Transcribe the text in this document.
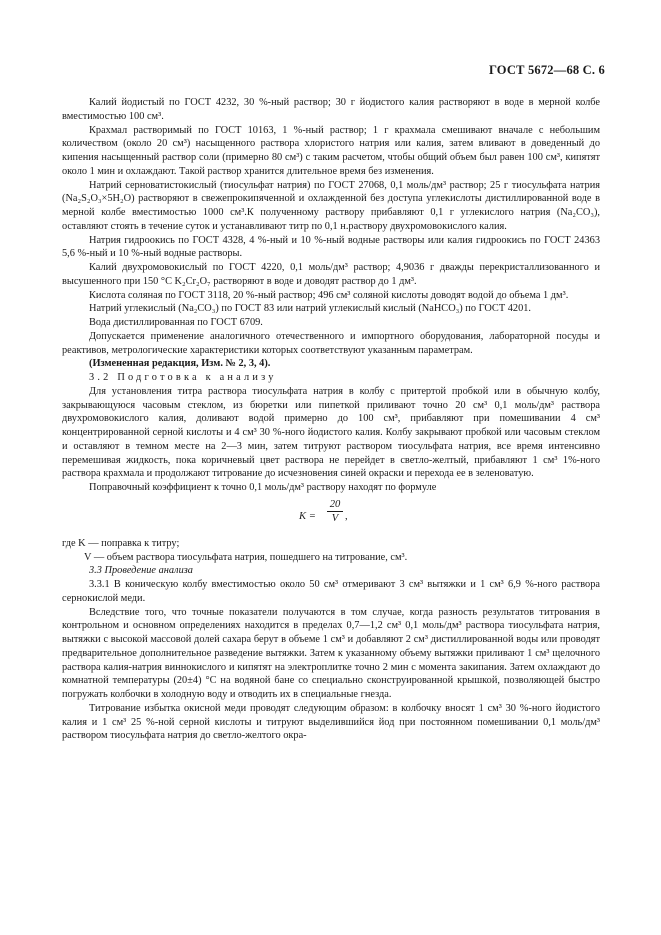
ГОСТ 5672—68 С. 6

Калий йодистый по ГОСТ 4232, 30 %-ный раствор; 30 г йодистого калия растворяют в воде в мерной колбе вместимостью 100 см³.

Крахмал растворимый по ГОСТ 10163, 1 %-ный раствор; 1 г крахмала смешивают вначале с небольшим количеством (около 20 см³) насыщенного раствора хлористого натрия или калия, затем вливают в доведенный до кипения насыщенный раствор соли (примерно 80 см³) с таким расчетом, чтобы общий объем был равен 100 см³, кипятят около 1 мин и охлаждают. Такой раствор хранится длительное время без изменения.

Натрий серноватистокислый (тиосульфат натрия) по ГОСТ 27068, 0,1 моль/дм³ раствор; 25 г тиосульфата натрия (Na₂S₂O₃×5H₂O) растворяют в свежепрокипяченной и охлажденной без доступа углекислоты дистиллированной воде в мерной колбе вместимостью 1000 см³.К полученному раствору прибавляют 0,1 г углекислого натрия (Na₂CO₃), оставляют стоять в течение суток и устанавливают титр по 0,1 н.раствору двухромовокислого калия.

Натрия гидроокись по ГОСТ 4328, 4 %-ный и 10 %-ный водные растворы или калия гидроокись по ГОСТ 24363 5,6 %-ный и 10 %-ный водные растворы.

Калий двухромовокислый по ГОСТ 4220, 0,1 моль/дм³ раствор; 4,9036 г дважды перекристаллизованного и высушенного при 150 °C K₂Cr₂O₇ растворяют в воде и доводят раствор до 1 дм³.

Кислота соляная по ГОСТ 3118, 20 %-ный раствор; 496 см³ соляной кислоты доводят водой до объема 1 дм³.

Натрий углекислый (Na₂CO₃) по ГОСТ 83 или натрий углекислый кислый (NaHCO₃) по ГОСТ 4201.

Вода дистиллированная по ГОСТ 6709.

Допускается применение аналогичного отечественного и импортного оборудования, лабораторной посуды и реактивов, метрологические характеристики которых соответствуют указанным параметрам.

(Измененная редакция, Изм. № 2, 3, 4).

3.2 Подготовка к анализу

Для установления титра раствора тиосульфата натрия в колбу с притертой пробкой или в обычную колбу, закрывающуюся часовым стеклом, из бюретки или пипеткой приливают точно 20 см³ 0,1 моль/дм³ раствора двухромовокислого калия, доливают водой примерно до 100 см³, прибавляют при помешивании 4 см³ концентрированной серной кислоты и 4 см³ 30 %-ного йодистого калия. Колбу закрывают пробкой или часовым стеклом и оставляют в темном месте на 2—3 мин, затем титруют раствором тиосульфата натрия, все время интенсивно перемешивая жидкость, пока коричневый цвет раствора не перейдет в светло-желтый, прибавляют 1 см³ 1%-ного раствора крахмала и продолжают титрование до исчезновения синей окраски и перехода ее в зеленоватую.

Поправочный коэффициент к точно 0,1 моль/дм³ раствору находят по формуле

$K = \frac{20}{V}$ ,

где K — поправка к титру;

V — объем раствора тиосульфата натрия, пошедшего на титрование, см³.

3.3 Проведение анализа

3.3.1 В коническую колбу вместимостью около 50 см³ отмеривают 3 см³ вытяжки и 1 см³ 6,9 %-ного раствора сернокислой меди.

Вследствие того, что точные показатели получаются в том случае, когда разность результатов титрования в контрольном и основном определениях находится в пределах 0,7—1,2 см³ 0,1 моль/дм³ раствора тиосульфата натрия, вытяжки с высокой массовой долей сахара берут в объеме 1 см³ и добавляют 2 см³ дистиллированной воды или проводят предварительное дополнительное разведение вытяжки. Затем к указанному объему вытяжки приливают 1 см³ щелочного раствора калия-натрия виннокислого и кипятят на электроплитке точно 2 мин с момента закипания. Затем охлаждают до комнатной температуры (20±4) °C на водяной бане со специально сконструированной крышкой, позволяющей быстро погружать колбочки в холодную воду и отводить их в специальные гнезда.

Титрование избытка окисной меди проводят следующим образом: в колбочку вносят 1 см³ 30 %-ного йодистого калия и 1 см³ 25 %-ной серной кислоты и титруют выделившийся йод при постоянном помешивании 0,1 моль/дм³ раствором тиосульфата натрия до светло-желтого окра-
